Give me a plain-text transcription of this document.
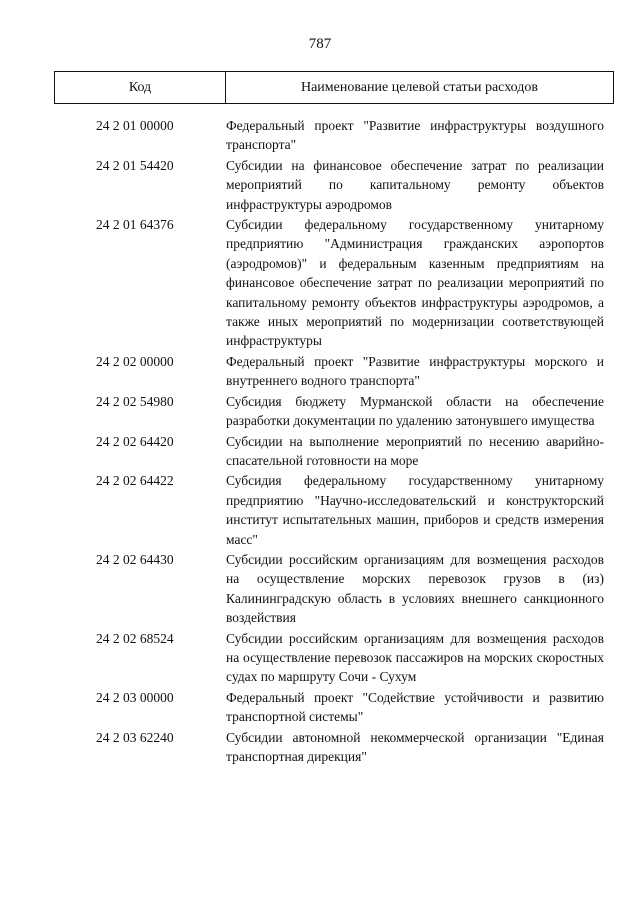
787
Код	Наименование целевой статьи расходов
24 2 01 00000	Федеральный проект "Развитие инфраструктуры воздушного транспорта"
24 2 01 54420	Субсидии на финансовое обеспечение затрат по реализации мероприятий по капитальному ремонту объектов инфраструктуры аэродромов
24 2 01 64376	Субсидии федеральному государственному унитарному предприятию "Администрация гражданских аэропортов (аэродромов)" и федеральным казенным предприятиям на финансовое обеспечение затрат по реализации мероприятий по капитальному ремонту объектов инфраструктуры аэродромов, а также иных мероприятий по модернизации соответствующей инфраструктуры
24 2 02 00000	Федеральный проект "Развитие инфраструктуры морского и внутреннего водного транспорта"
24 2 02 54980	Субсидия бюджету Мурманской области на обеспечение разработки документации по удалению затонувшего имущества
24 2 02 64420	Субсидии на выполнение мероприятий по несению аварийно-спасательной готовности на море
24 2 02 64422	Субсидия федеральному государственному унитарному предприятию "Научно-исследовательский и конструкторский институт испытательных машин, приборов и средств измерения масс"
24 2 02 64430	Субсидии российским организациям для возмещения расходов на осуществление морских перевозок грузов в (из) Калининградскую область в условиях внешнего санкционного воздействия
24 2 02 68524	Субсидии российским организациям для возмещения расходов на осуществление перевозок пассажиров на морских скоростных судах по маршруту Сочи - Сухум
24 2 03 00000	Федеральный проект "Содействие устойчивости и развитию транспортной системы"
24 2 03 62240	Субсидии автономной некоммерческой организации "Единая транспортная дирекция"
